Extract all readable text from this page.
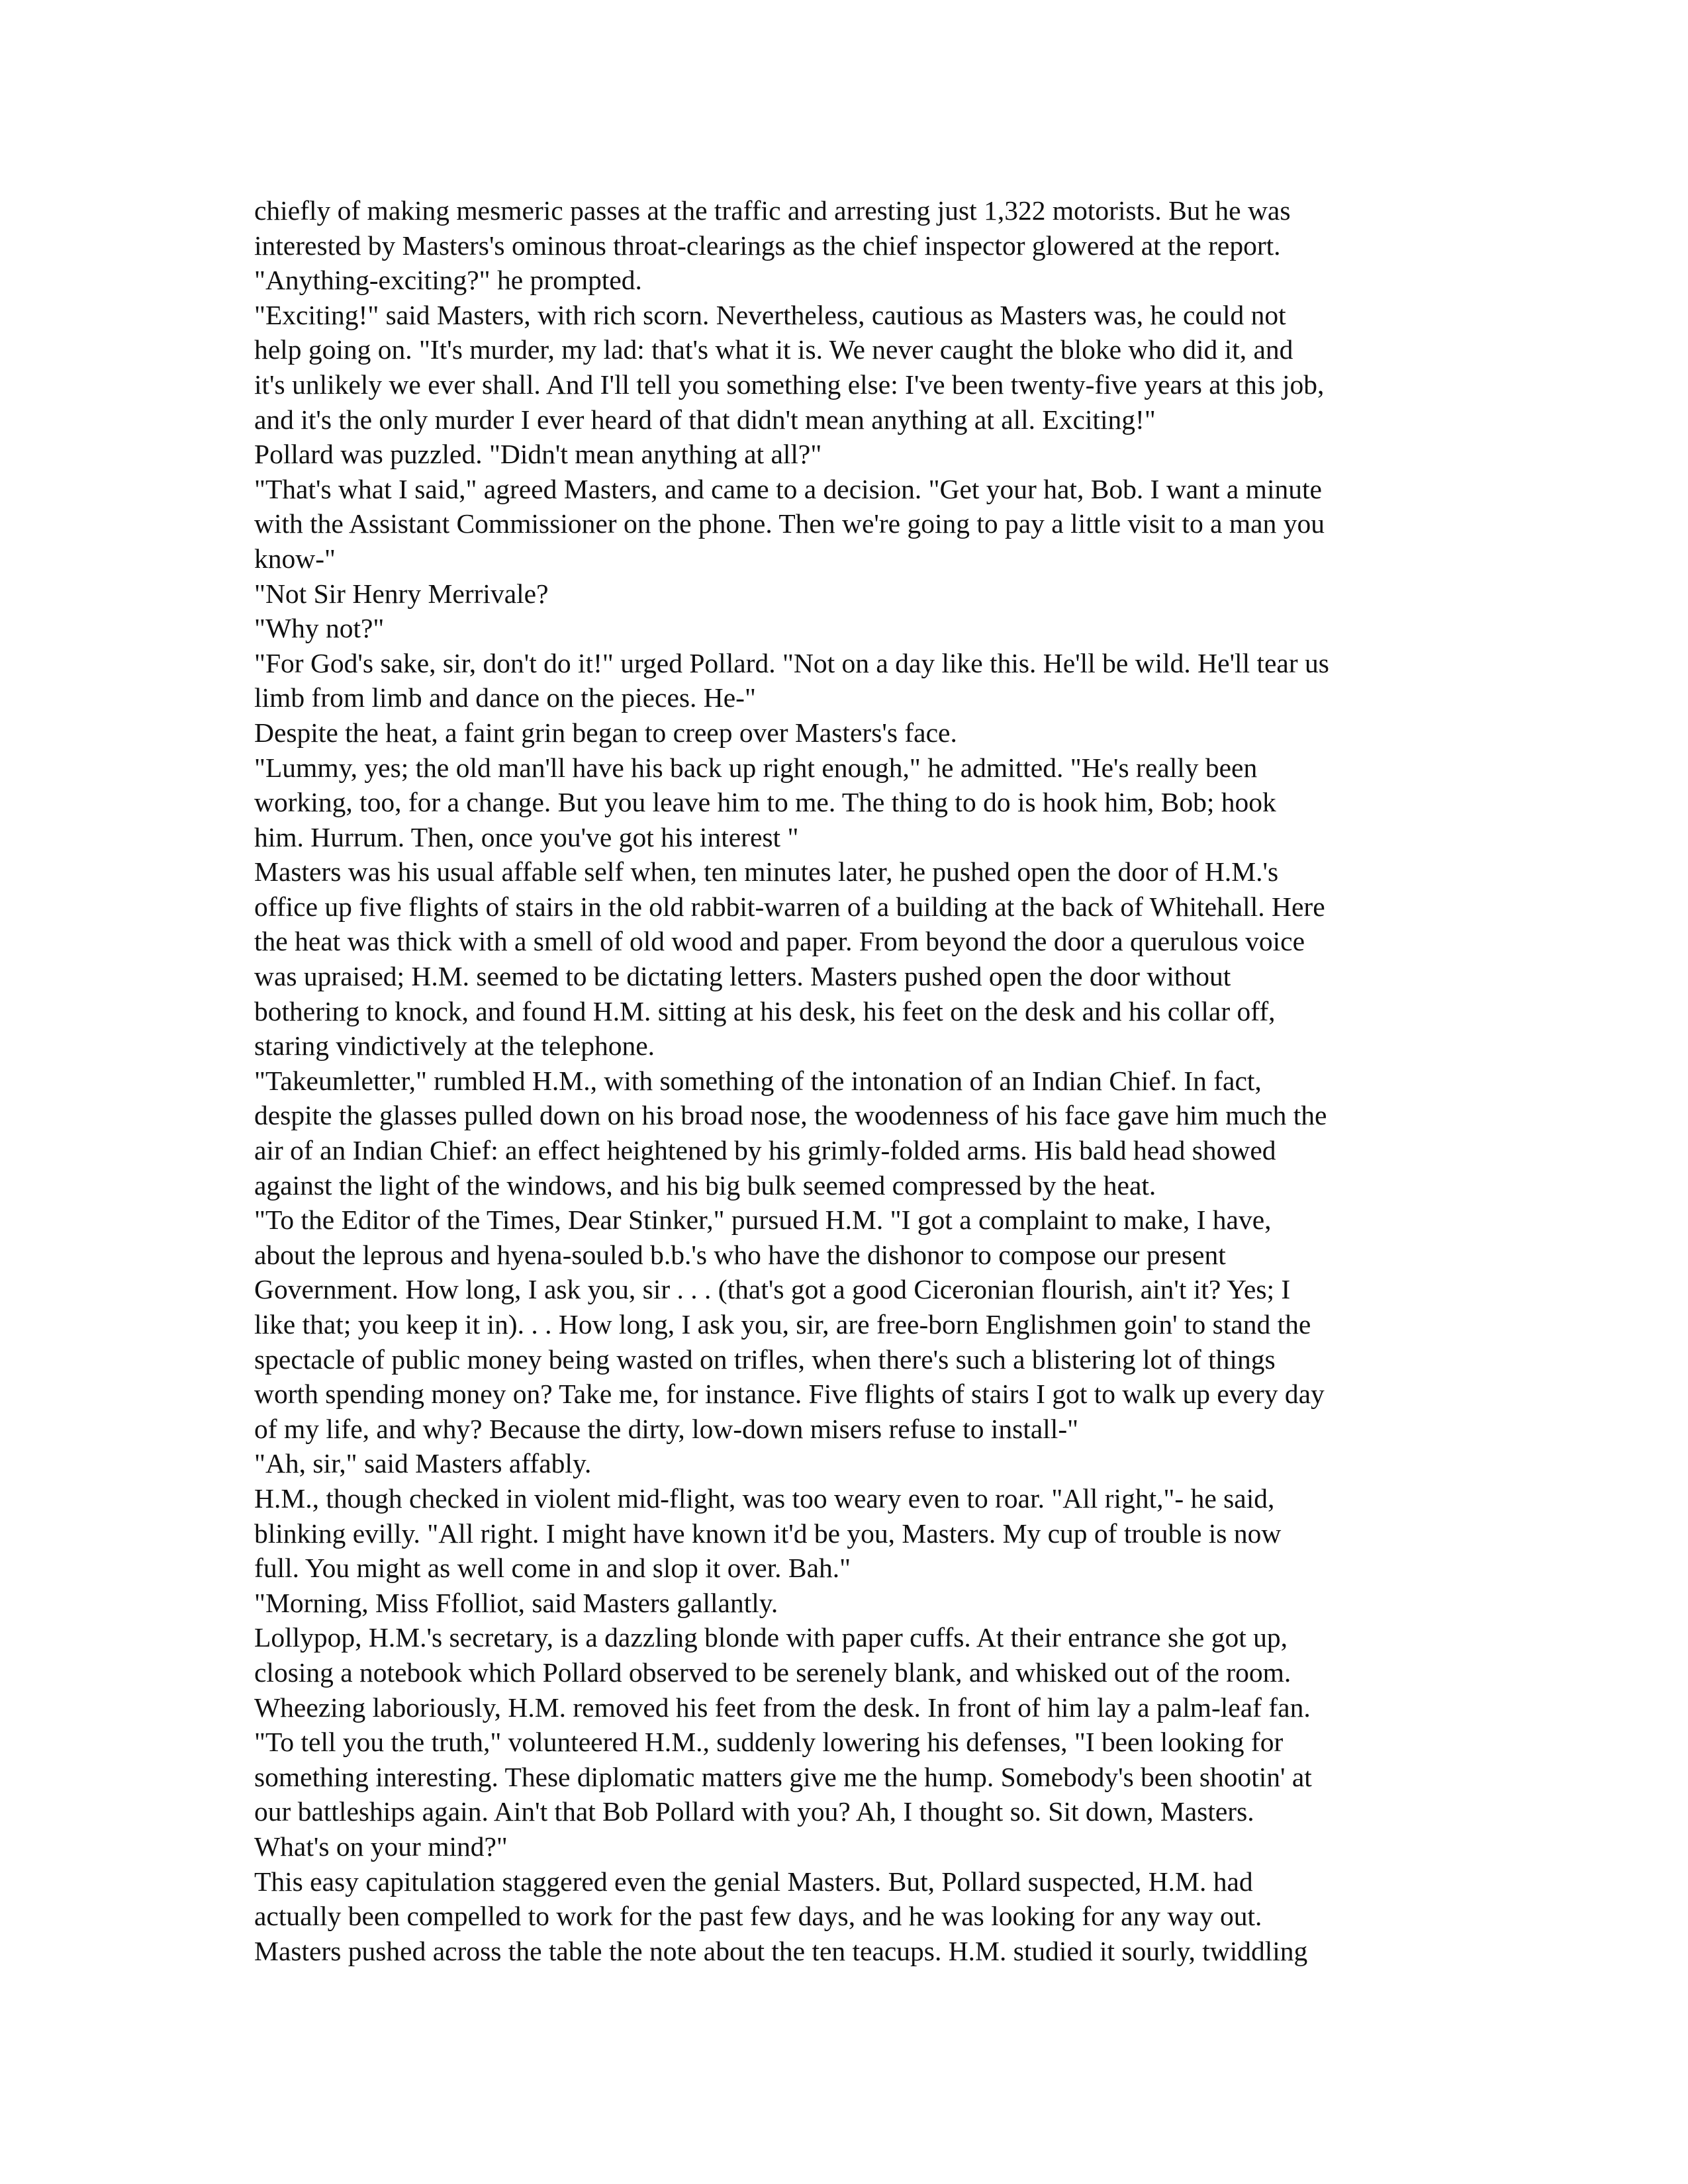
chiefly of making mesmeric passes at the traffic and arresting just 1,322 motorists. But he was
interested by Masters's ominous throat-clearings as the chief inspector glowered at the report.
"Anything-exciting?" he prompted.
"Exciting!" said Masters, with rich scorn. Nevertheless, cautious as Masters was, he could not
help going on. "It's murder, my lad: that's what it is. We never caught the bloke who did it, and
it's unlikely we ever shall. And I'll tell you something else: I've been twenty-five years at this job,
and it's the only murder I ever heard of that didn't mean anything at all. Exciting!"
Pollard was puzzled. "Didn't mean anything at all?"
"That's what I said," agreed Masters, and came to a decision. "Get your hat, Bob. I want a minute
with the Assistant Commissioner on the phone. Then we're going to pay a little visit to a man you
know-"
"Not Sir Henry Merrivale?
"Why not?"
"For God's sake, sir, don't do it!" urged Pollard. "Not on a day like this. He'll be wild. He'll tear us
limb from limb and dance on the pieces. He-"
Despite the heat, a faint grin began to creep over Masters's face.
"Lummy, yes; the old man'll have his back up right enough," he admitted. "He's really been
working, too, for a change. But you leave him to me. The thing to do is hook him, Bob; hook
him. Hurrum. Then, once you've got his interest "
Masters was his usual affable self when, ten minutes later, he pushed open the door of H.M.'s
office up five flights of stairs in the old rabbit-warren of a building at the back of Whitehall. Here
the heat was thick with a smell of old wood and paper. From beyond the door a querulous voice
was upraised; H.M. seemed to be dictating letters. Masters pushed open the door without
bothering to knock, and found H.M. sitting at his desk, his feet on the desk and his collar off,
staring vindictively at the telephone.
"Takeumletter," rumbled H.M., with something of the intonation of an Indian Chief. In fact,
despite the glasses pulled down on his broad nose, the woodenness of his face gave him much the
air of an Indian Chief: an effect heightened by his grimly-folded arms. His bald head showed
against the light of the windows, and his big bulk seemed compressed by the heat.
"To the Editor of the Times, Dear Stinker," pursued H.M. "I got a complaint to make, I have,
about the leprous and hyena-souled b.b.'s who have the dishonor to compose our present
Government. How long, I ask you, sir . . . (that's got a good Ciceronian flourish, ain't it? Yes; I
like that; you keep it in). . . How long, I ask you, sir, are free-born Englishmen goin' to stand the
spectacle of public money being wasted on trifles, when there's such a blistering lot of things
worth spending money on? Take me, for instance. Five flights of stairs I got to walk up every day
of my life, and why? Because the dirty, low-down misers refuse to install-"
"Ah, sir," said Masters affably.
H.M., though checked in violent mid-flight, was too weary even to roar. "All right,"- he said,
blinking evilly. "All right. I might have known it'd be you, Masters. My cup of trouble is now
full. You might as well come in and slop it over. Bah."
"Morning, Miss Ffolliot, said Masters gallantly.
Lollypop, H.M.'s secretary, is a dazzling blonde with paper cuffs. At their entrance she got up,
closing a notebook which Pollard observed to be serenely blank, and whisked out of the room.
Wheezing laboriously, H.M. removed his feet from the desk. In front of him lay a palm-leaf fan.
"To tell you the truth," volunteered H.M., suddenly lowering his defenses, "I been looking for
something interesting. These diplomatic matters give me the hump. Somebody's been shootin' at
our battleships again. Ain't that Bob Pollard with you? Ah, I thought so. Sit down, Masters.
What's on your mind?"
This easy capitulation staggered even the genial Masters. But, Pollard suspected, H.M. had
actually been compelled to work for the past few days, and he was looking for any way out.
Masters pushed across the table the note about the ten teacups. H.M. studied it sourly, twiddling
